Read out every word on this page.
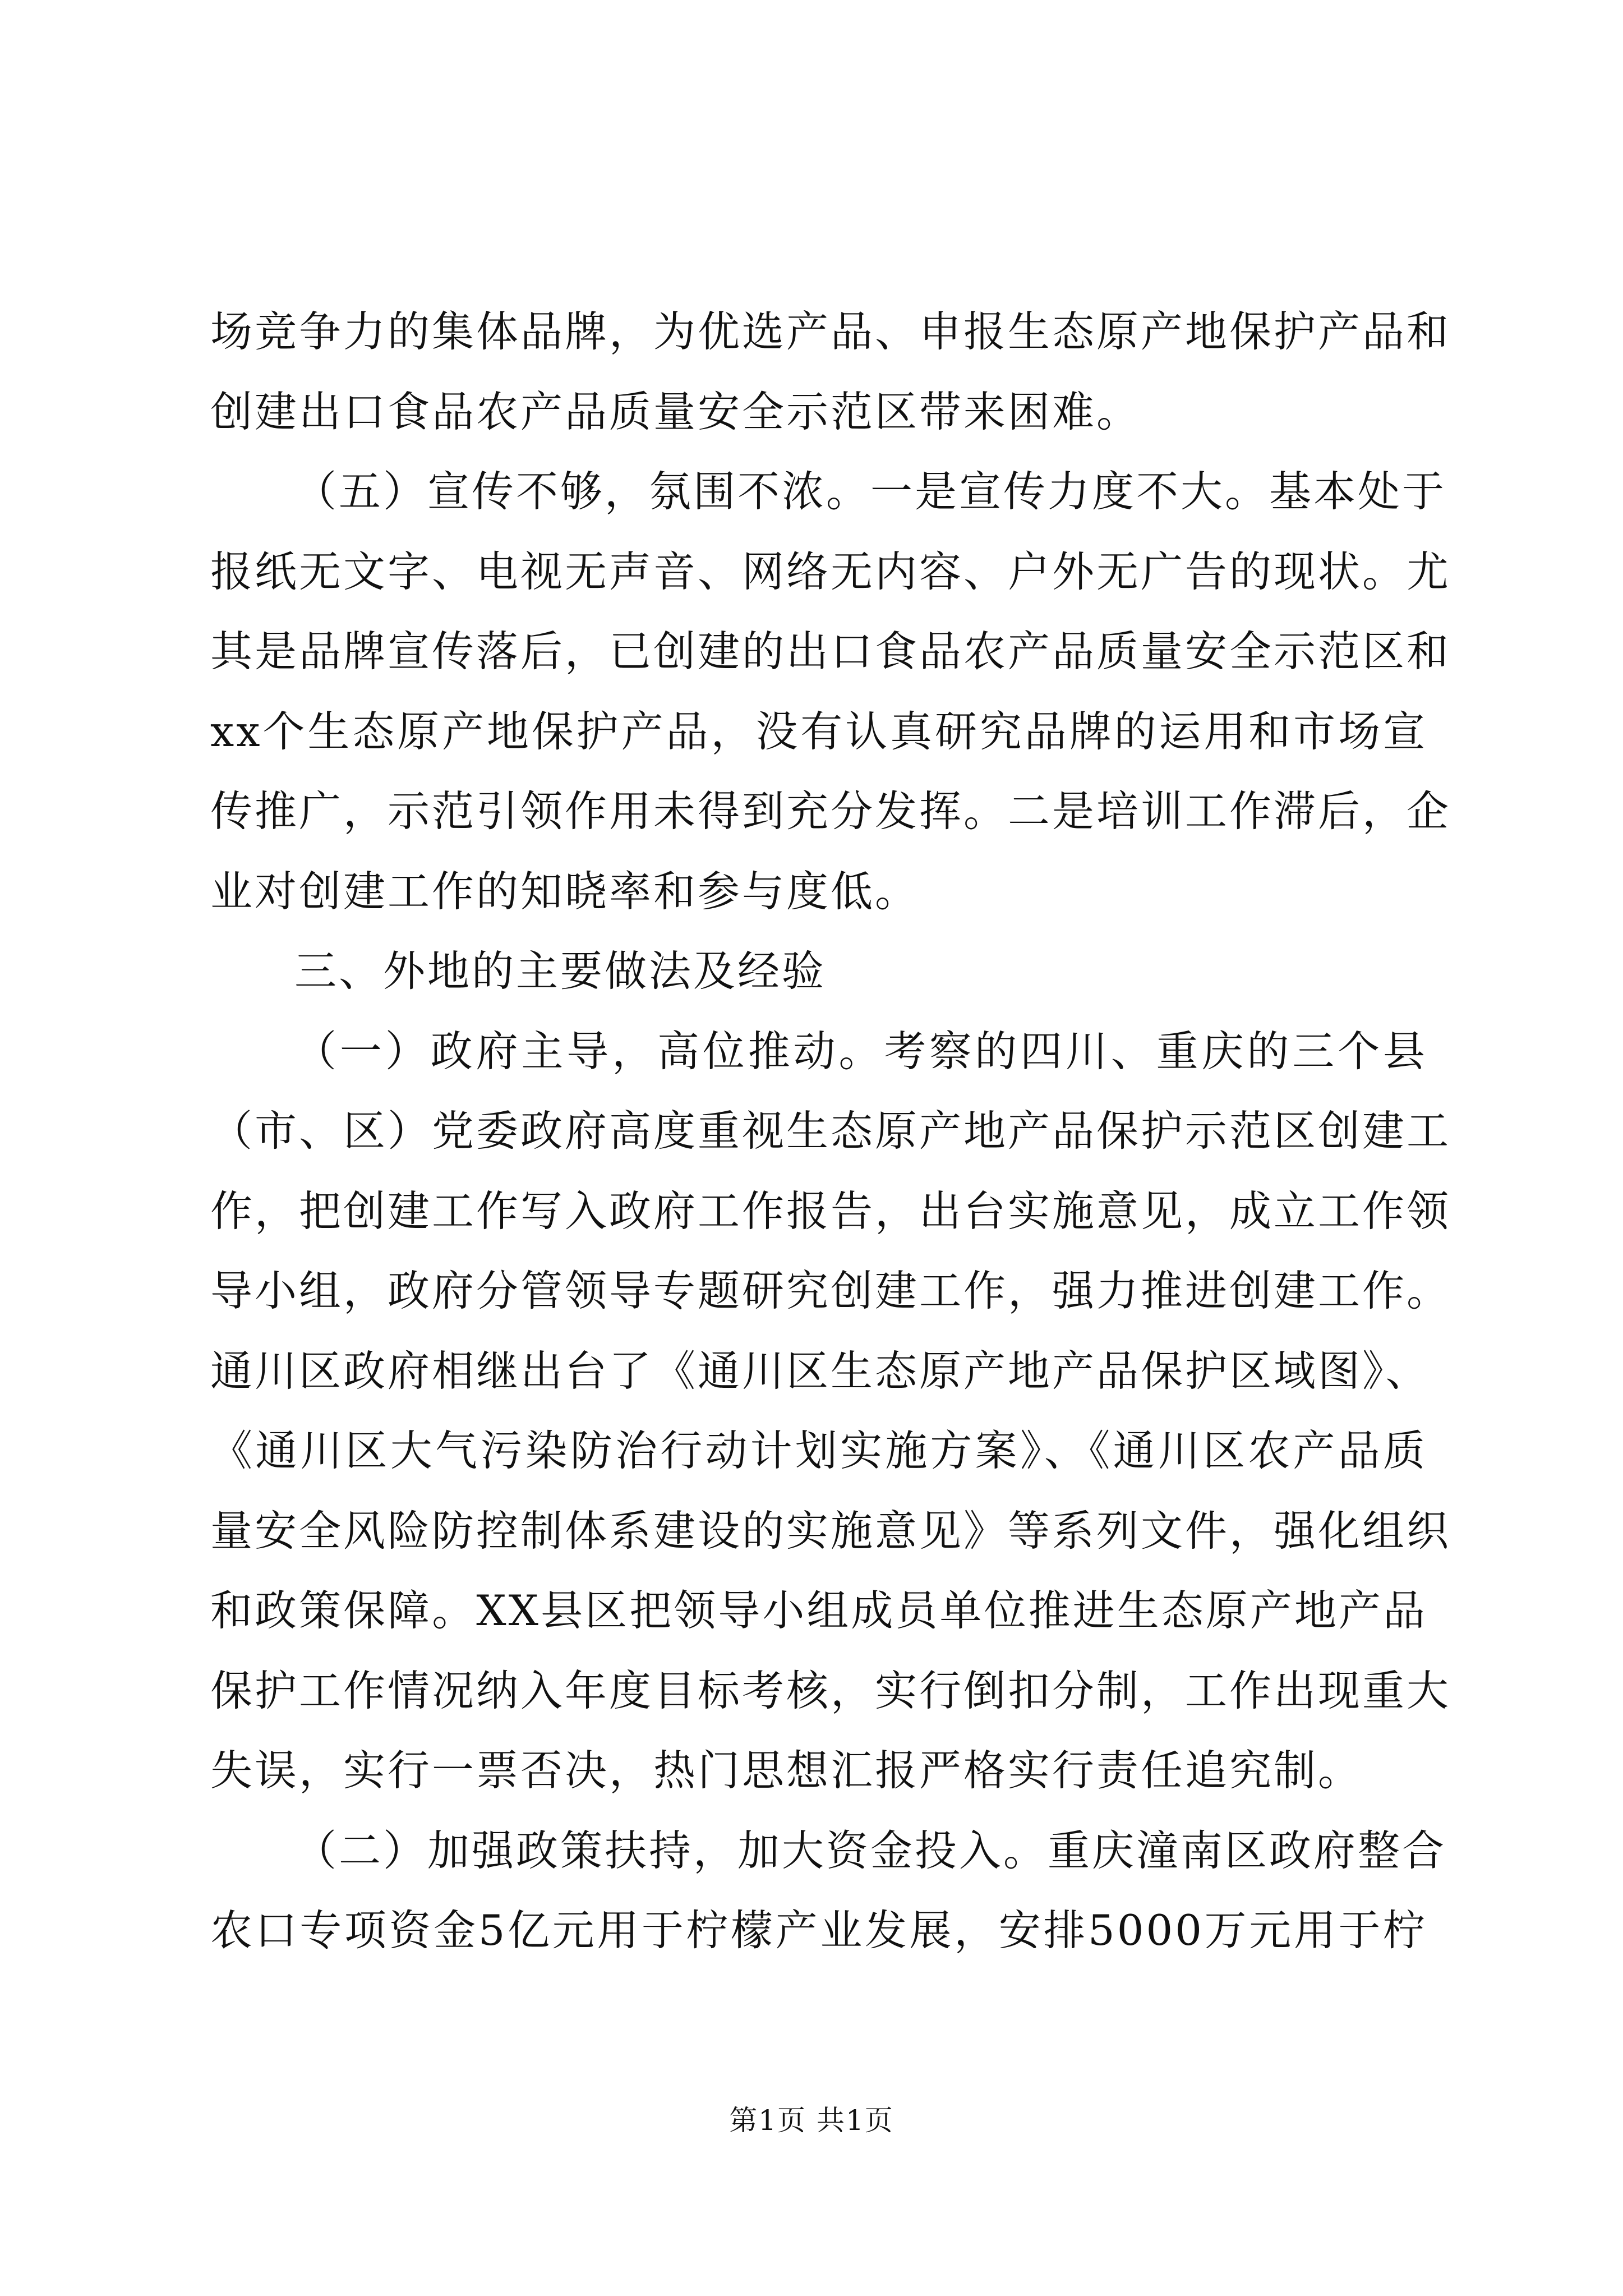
场竞争力的集体品牌，为优选产品、申报生态原产地保护产品和
创建出口食品农产品质量安全示范区带来困难。
（五）宣传不够，氛围不浓。一是宣传力度不大。基本处于
报纸无文字、电视无声音、网络无内容、户外无广告的现状。尤
其是品牌宣传落后，已创建的出口食品农产品质量安全示范区和
xx个生态原产地保护产品，没有认真研究品牌的运用和市场宣
传推广，示范引领作用未得到充分发挥。二是培训工作滞后，企
业对创建工作的知晓率和参与度低。
三、外地的主要做法及经验
（一）政府主导，高位推动。考察的四川、重庆的三个县
（市、区）党委政府高度重视生态原产地产品保护示范区创建工
作，把创建工作写入政府工作报告，出台实施意见，成立工作领
导小组，政府分管领导专题研究创建工作，强力推进创建工作。
通川区政府相继出台了《通川区生态原产地产品保护区域图》、
《通川区大气污染防治行动计划实施方案》、《通川区农产品质
量安全风险防控制体系建设的实施意见》等系列文件，强化组织
和政策保障。XX县区把领导小组成员单位推进生态原产地产品
保护工作情况纳入年度目标考核，实行倒扣分制，工作出现重大
失误，实行一票否决，热门思想汇报严格实行责任追究制。
（二）加强政策扶持，加大资金投入。重庆潼南区政府整合
农口专项资金5亿元用于柠檬产业发展，安排5000万元用于柠
第1页 共1页
